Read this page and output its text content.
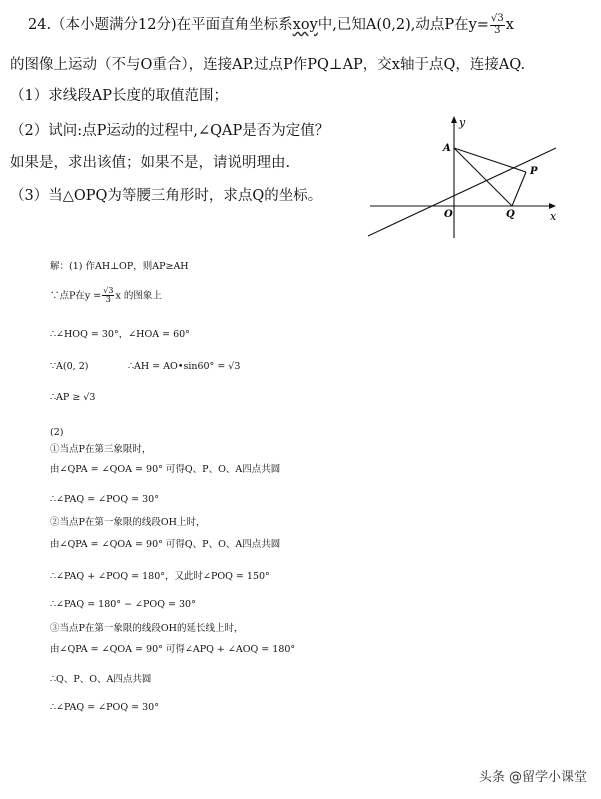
24.（本小题满分12分)在平面直角坐标系xoy中,已知A(0,2),动点P在$y= \frac{√3}{3}$ x
的图像上运动（不与O重合），连接AP.过点P作PQ⊥AP，交x轴于点Q，连接AQ.
（1）求线段AP长度的取值范围；
（2）试问:点P运动的过程中,∠QAP是否为定值？
如果是，求出该值；如果不是，请说明理由.
（3）当△OPQ为等腰三角形时，求点Q的坐标。
y
x
A
P
O	Q
解：(1) 作AH⊥OP，则AP≥AH
∵点P在$y = \frac{√3}{3}$ x 的图象上
∴∠HOQ = 30°，∠HOA = 60°
∵A(0, 2)	∴AH = AO•sin60° = √3
∴AP ≥ √3
(2)
①当点P在第三象限时，
由∠QPA = ∠QOA = 90° 可得Q、P、O、A四点共圆
∴∠PAQ = ∠POQ = 30°
②当点P在第一象限的线段OH上时，
由∠QPA = ∠QOA = 90° 可得Q、P、O、A四点共圆
∴∠PAQ + ∠POQ = 180°，又此时∠POQ = 150°
∴∠PAQ = 180° − ∠POQ = 30°
③当点P在第一象限的线段OH的延长线上时，
由∠QPA = ∠QOA = 90° 可得∠APQ + ∠AOQ = 180°
∴Q、P、O、A四点共圆
∴∠PAQ = ∠POQ = 30°
头条 @留学小课堂
